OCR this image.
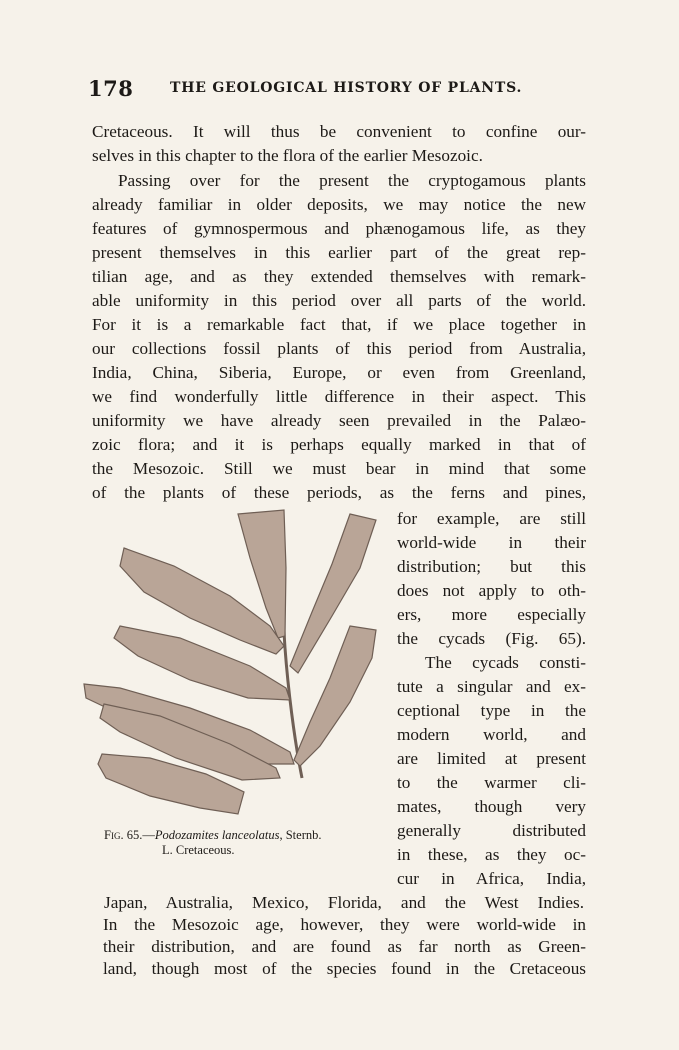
178	THE GEOLOGICAL HISTORY OF PLANTS.
Cretaceous. It will thus be convenient to confine our-
selves in this chapter to the flora of the earlier Mesozoic.
Passing over for the present the cryptogamous plants
already familiar in older deposits, we may notice the new
features of gymnospermous and phænogamous life, as they
present themselves in this earlier part of the great rep-
tilian age, and as they extended themselves with remark-
able uniformity in this period over all parts of the world.
For it is a remarkable fact that, if we place together in
our collections fossil plants of this period from Australia,
India, China, Siberia, Europe, or even from Greenland,
we find wonderfully little difference in their aspect. This
uniformity we have already seen prevailed in the Palæo-
zoic flora; and it is perhaps equally marked in that of
the Mesozoic. Still we must bear in mind that some
of the plants of these periods, as the ferns and pines,
for example, are still
world-wide in their
distribution; but this
does not apply to oth-
ers, more especially
the cycads (Fig. 65).
The cycads consti-
tute a singular and ex-
ceptional type in the
modern world, and
are limited at present
to the warmer cli-
mates, though very
generally distributed
in these, as they oc-
cur in Africa, India,
Japan, Australia, Mexico, Florida, and the West Indies.
In the Mesozoic age, however, they were world-wide in
their distribution, and are found as far north as Green-
land, though most of the species found in the Cretaceous
Fig. 65.—Podozamites lanceolatus, Sternb.
L. Cretaceous.
